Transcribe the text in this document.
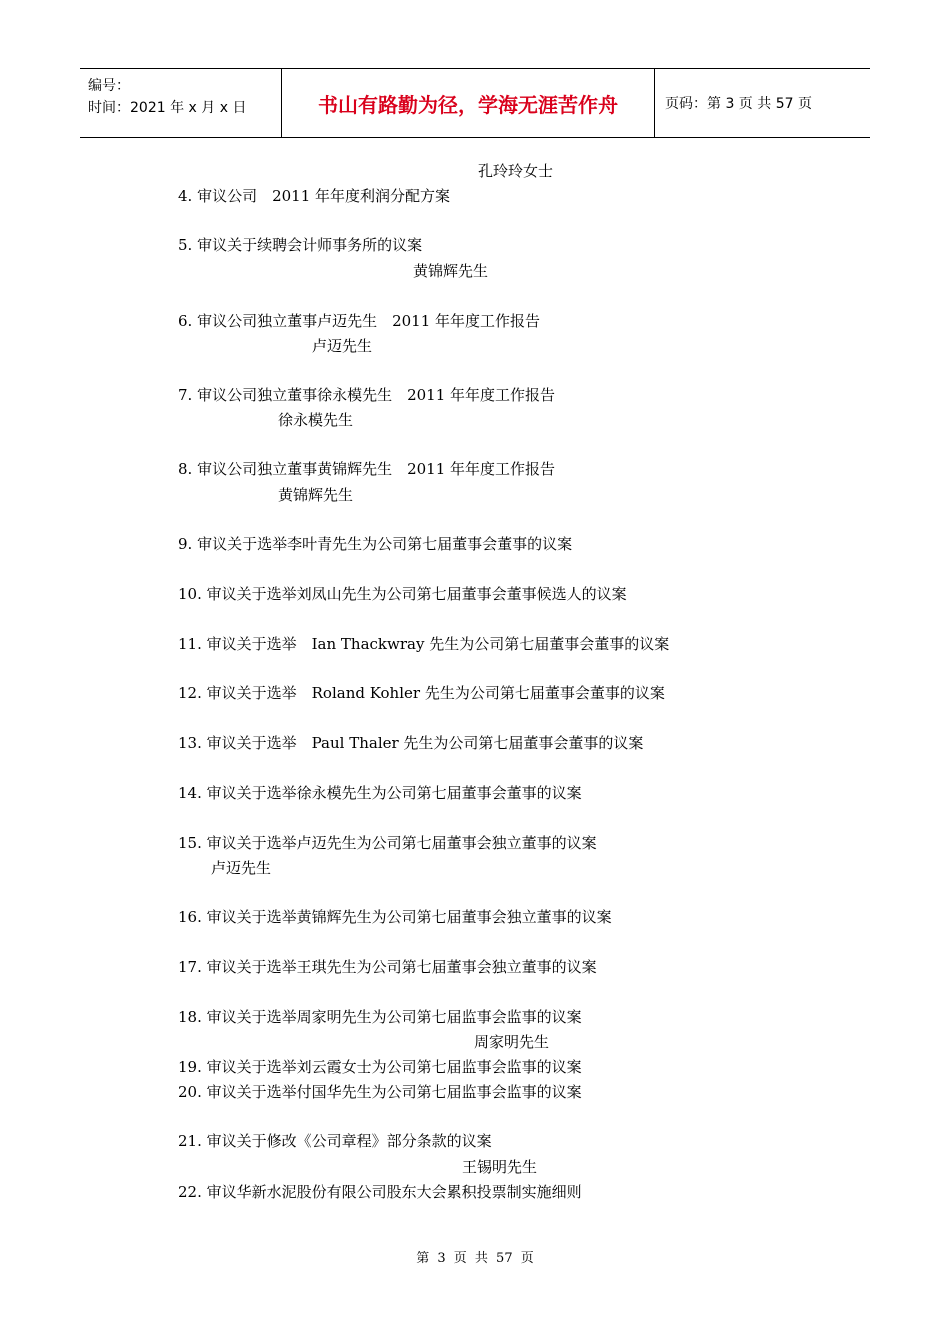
编号：
时间：2021 年 x 月 x 日	书山有路勤为径，学海无涯苦作舟	页码：第 3 页 共 57 页
孔玲玲女士
4. 审议公司　2011 年年度利润分配方案
5. 审议关于续聘会计师事务所的议案
黄锦辉先生
6. 审议公司独立董事卢迈先生　2011 年年度工作报告
卢迈先生
7. 审议公司独立董事徐永模先生　2011 年年度工作报告
徐永模先生
8. 审议公司独立董事黄锦辉先生　2011 年年度工作报告
黄锦辉先生
9. 审议关于选举李叶青先生为公司第七届董事会董事的议案
10. 审议关于选举刘凤山先生为公司第七届董事会董事候选人的议案
11. 审议关于选举　Ian Thackwray 先生为公司第七届董事会董事的议案
12. 审议关于选举　Roland Kohler 先生为公司第七届董事会董事的议案
13. 审议关于选举　Paul Thaler 先生为公司第七届董事会董事的议案
14. 审议关于选举徐永模先生为公司第七届董事会董事的议案
15. 审议关于选举卢迈先生为公司第七届董事会独立董事的议案
卢迈先生
16. 审议关于选举黄锦辉先生为公司第七届董事会独立董事的议案
17. 审议关于选举王琪先生为公司第七届董事会独立董事的议案
18. 审议关于选举周家明先生为公司第七届监事会监事的议案
周家明先生
19. 审议关于选举刘云霞女士为公司第七届监事会监事的议案
20. 审议关于选举付国华先生为公司第七届监事会监事的议案
21. 审议关于修改《公司章程》部分条款的议案
王锡明先生
22. 审议华新水泥股份有限公司股东大会累积投票制实施细则
第 3 页 共 57 页
